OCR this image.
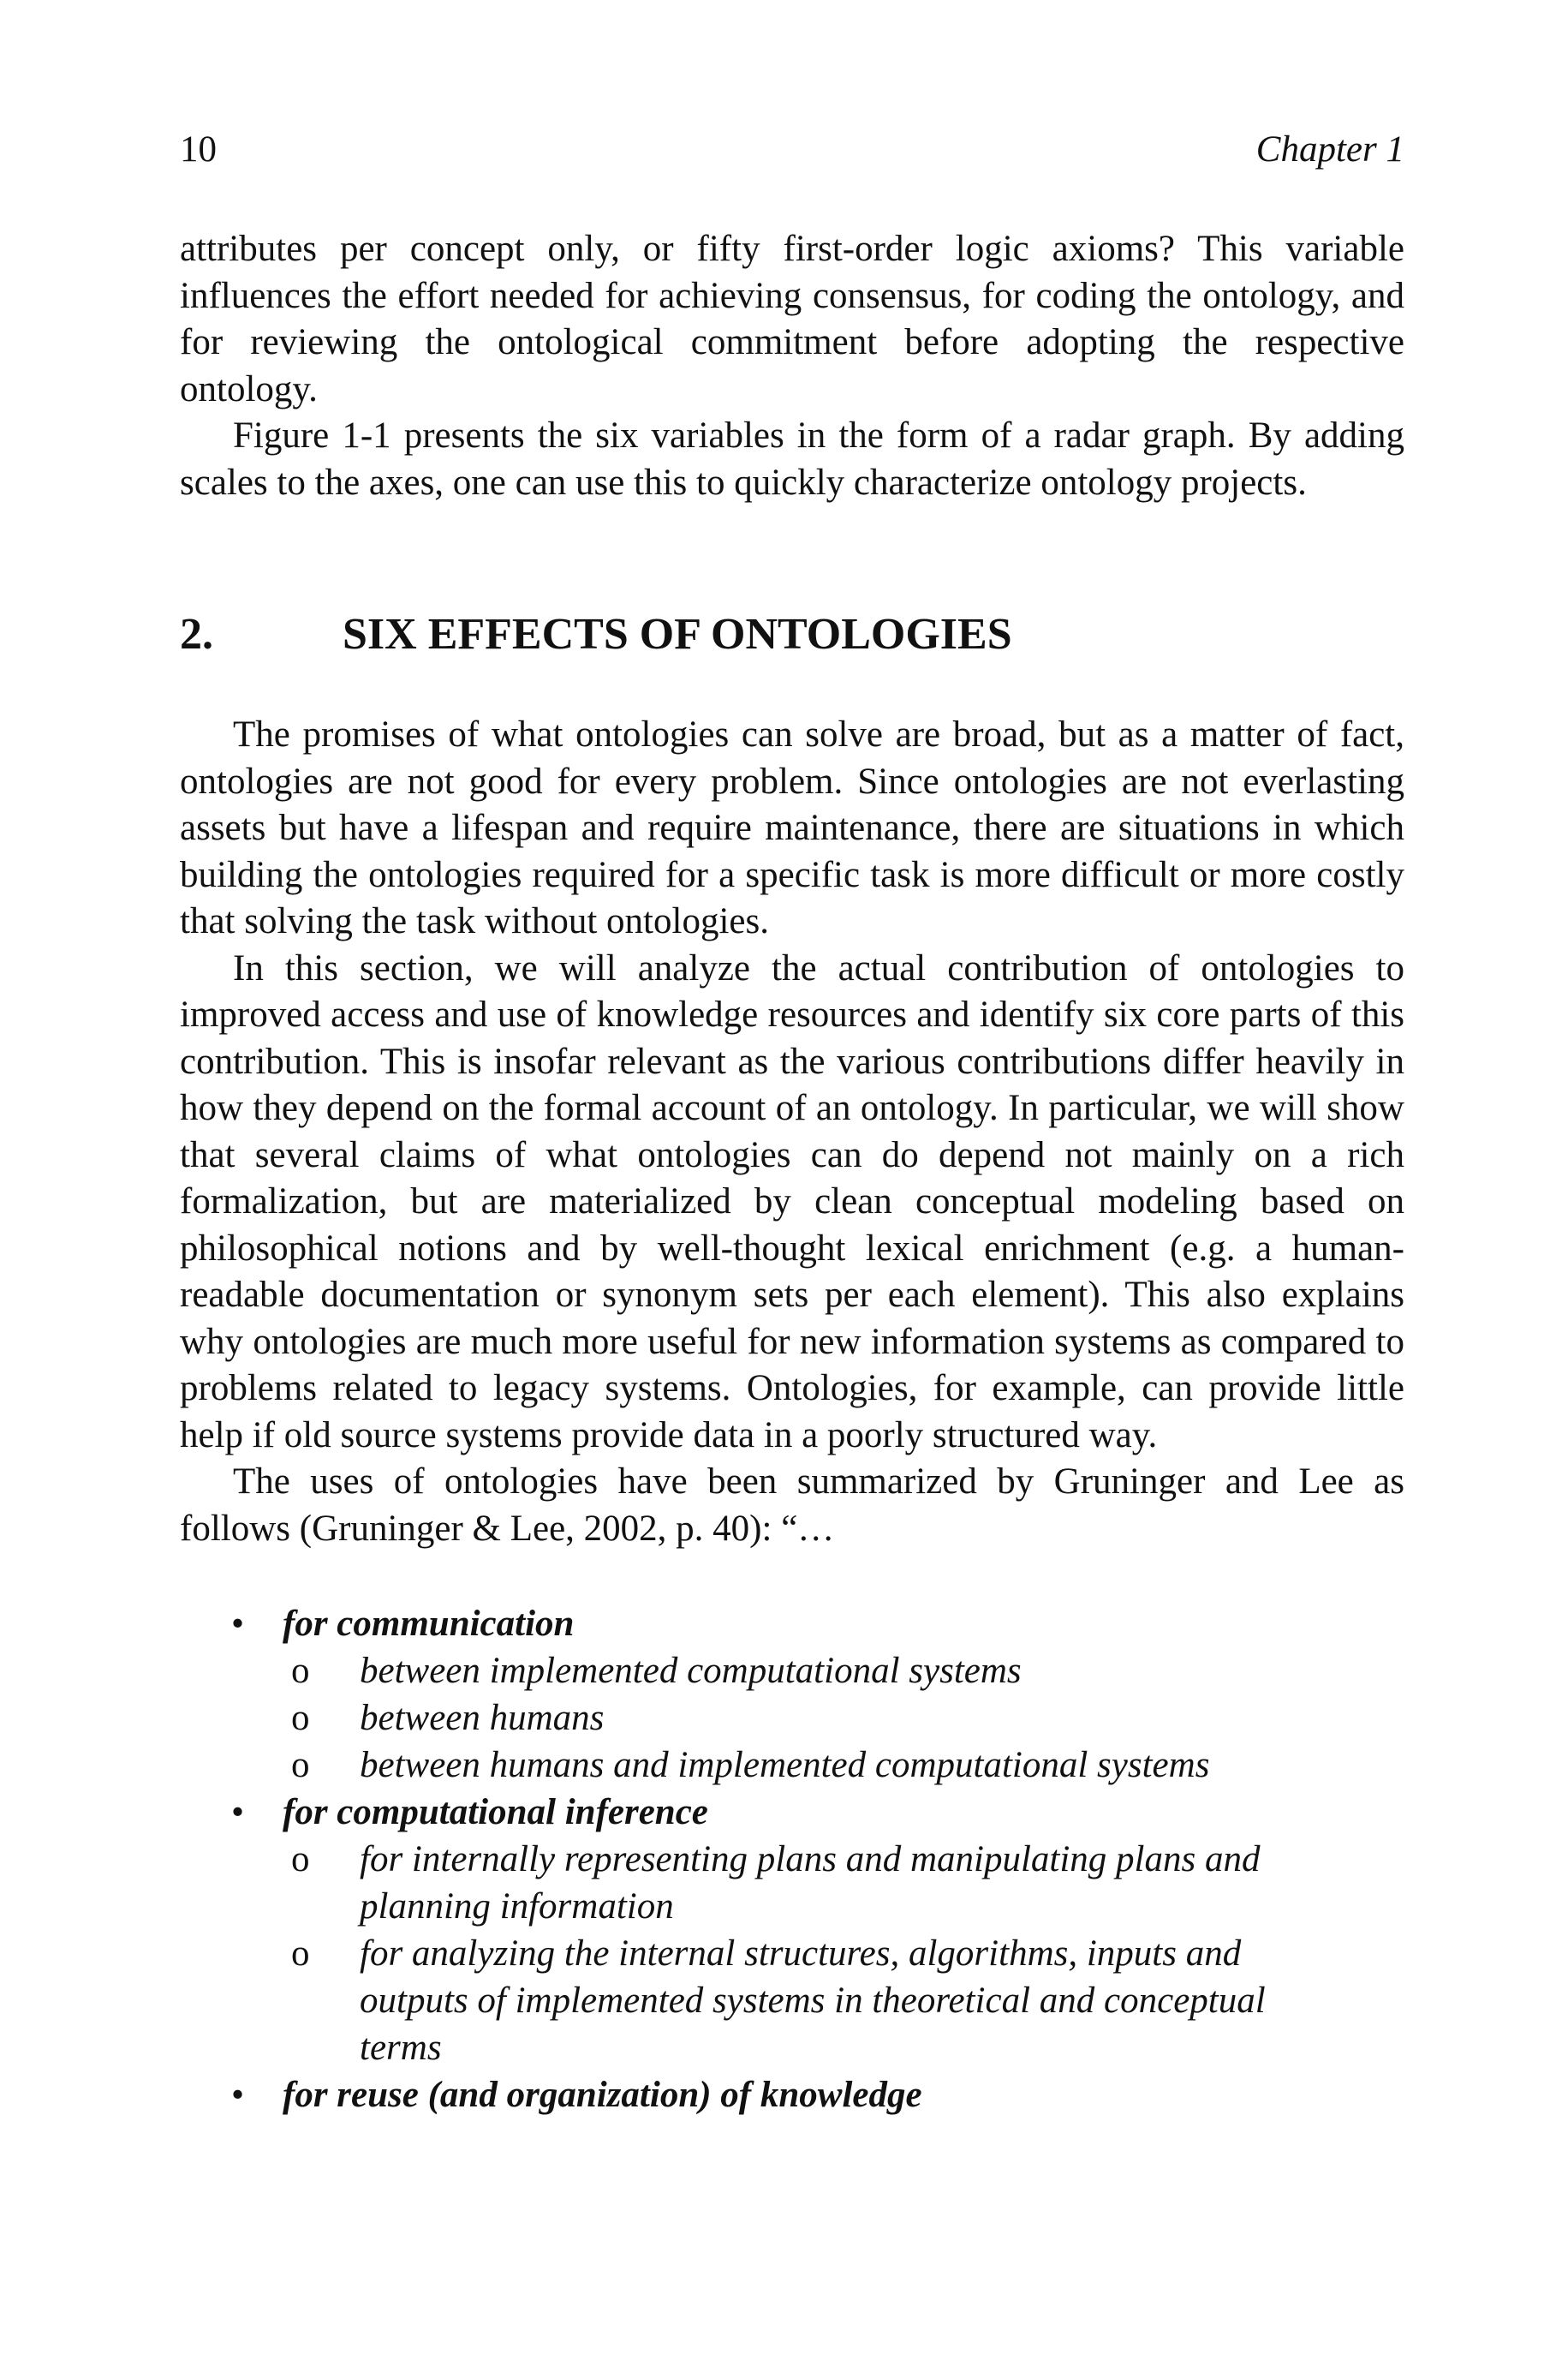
10	Chapter 1

attributes per concept only, or fifty first-order logic axioms? This variable influences the effort needed for achieving consensus, for coding the ontology, and for reviewing the ontological commitment before adopting the respective ontology.

Figure 1-1 presents the six variables in the form of a radar graph. By adding scales to the axes, one can use this to quickly characterize ontology projects.

2.	SIX EFFECTS OF ONTOLOGIES

The promises of what ontologies can solve are broad, but as a matter of fact, ontologies are not good for every problem. Since ontologies are not everlasting assets but have a lifespan and require maintenance, there are situations in which building the ontologies required for a specific task is more difficult or more costly that solving the task without ontologies.

In this section, we will analyze the actual contribution of ontologies to improved access and use of knowledge resources and identify six core parts of this contribution. This is insofar relevant as the various contributions differ heavily in how they depend on the formal account of an ontology. In particular, we will show that several claims of what ontologies can do depend not mainly on a rich formalization, but are materialized by clean conceptual modeling based on philosophical notions and by well-thought lexical enrichment (e.g. a human-readable documentation or synonym sets per each element). This also explains why ontologies are much more useful for new information systems as compared to problems related to legacy systems. Ontologies, for example, can provide little help if old source systems provide data in a poorly structured way.

The uses of ontologies have been summarized by Gruninger and Lee as follows (Gruninger & Lee, 2002, p. 40): “…

•	for communication
o	between implemented computational systems
o	between humans
o	between humans and implemented computational systems
•	for computational inference
o	for internally representing plans and manipulating plans and planning information
o	for analyzing the internal structures, algorithms, inputs and outputs of implemented systems in theoretical and conceptual terms
•	for reuse (and organization) of knowledge
